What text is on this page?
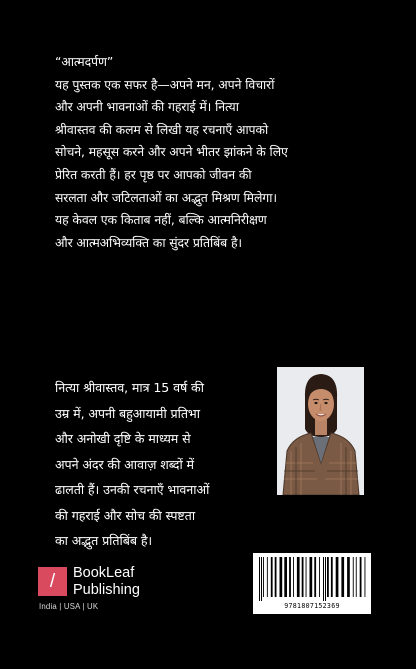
“आत्मदर्पण”

यह पुस्तक एक सफर है—अपने मन, अपने विचारों

और अपनी भावनाओं की गहराई में। नित्या

श्रीवास्तव की कलम से लिखी यह रचनाएँ आपको

सोचने, महसूस करने और अपने भीतर झांकने के लिए

प्रेरित करती हैं। हर पृष्ठ पर आपको जीवन की

सरलता और जटिलताओं का अद्भुत मिश्रण मिलेगा।

यह केवल एक किताब नहीं, बल्कि आत्मनिरीक्षण

और आत्मअभिव्यक्ति का सुंदर प्रतिबिंब है।

नित्या श्रीवास्तव, मात्र 15 वर्ष की
उम्र में, अपनी बहुआयामी प्रतिभा
और अनोखी दृष्टि के माध्यम से
अपने अंदर की आवाज़ शब्दों में
ढालती हैं। उनकी रचनाएँ भावनाओं
की गहराई और सोच की स्पष्टता
का अद्भुत प्रतिबिंब है।
/	BookLeaf
Publishing
India | USA | UK	9781807152369
